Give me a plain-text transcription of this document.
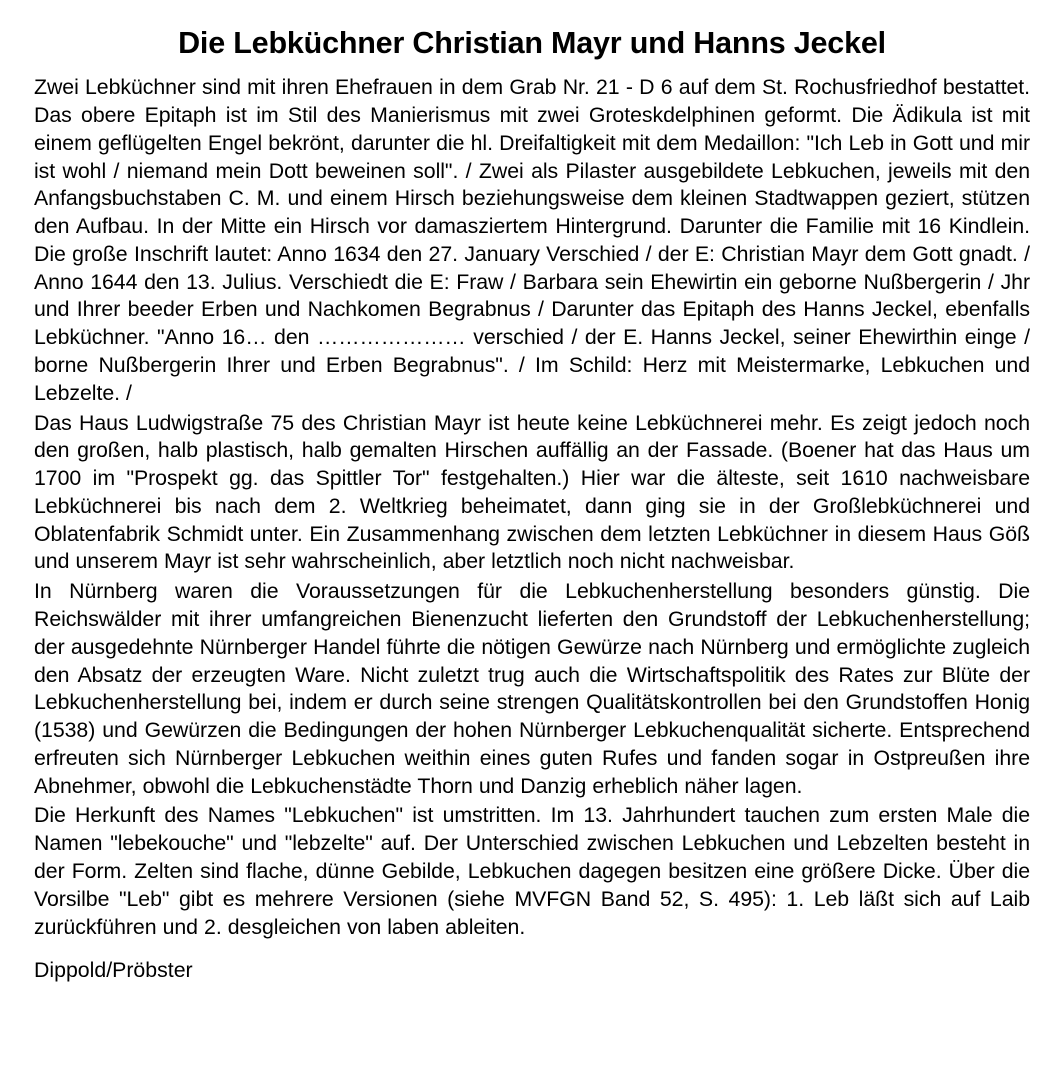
Die Lebküchner Christian Mayr und Hanns Jeckel

Zwei Lebküchner sind mit ihren Ehefrauen in dem Grab Nr. 21 - D 6 auf dem St. Rochusfriedhof bestattet. Das obere Epitaph ist im Stil des Manierismus mit zwei Groteskdelphinen geformt. Die Ädikula ist mit einem geflügelten Engel bekrönt, darunter die hl. Dreifaltigkeit mit dem Medaillon: "Ich Leb in Gott und mir ist wohl / niemand mein Dott beweinen soll". / Zwei als Pilaster ausgebildete Lebkuchen, jeweils mit den Anfangsbuchstaben C. M. und einem Hirsch beziehungsweise dem kleinen Stadtwappen geziert, stützen den Aufbau. In der Mitte ein Hirsch vor damasziertem Hintergrund. Darunter die Familie mit 16 Kindlein. Die große Inschrift lautet: Anno 1634 den 27. January Verschied / der E: Christian Mayr dem Gott gnadt. / Anno 1644 den 13. Julius. Verschiedt die E: Fraw / Barbara sein Ehewirtin ein geborne Nußbergerin / Jhr und Ihrer beeder Erben und Nachkomen Begrabnus / Darunter das Epitaph des Hanns Jeckel, ebenfalls Lebküchner. "Anno 16… den ………………… verschied / der E. Hanns Jeckel, seiner Ehewirthin einge / borne Nußbergerin Ihrer und Erben Begrabnus". / Im Schild: Herz mit Meistermarke, Lebkuchen und Lebzelte. /

Das Haus Ludwigstraße 75 des Christian Mayr ist heute keine Lebküchnerei mehr. Es zeigt jedoch noch den großen, halb plastisch, halb gemalten Hirschen auffällig an der Fassade. (Boener hat das Haus um 1700 im "Prospekt gg. das Spittler Tor" festgehalten.) Hier war die älteste, seit 1610 nachweisbare Lebküchnerei bis nach dem 2. Weltkrieg beheimatet, dann ging sie in der Großlebküchnerei und Oblatenfabrik Schmidt unter. Ein Zusammenhang zwischen dem letzten Lebküchner in diesem Haus Göß und unserem Mayr ist sehr wahrscheinlich, aber letztlich noch nicht nachweisbar.

In Nürnberg waren die Voraussetzungen für die Lebkuchenherstellung besonders günstig. Die Reichswälder mit ihrer umfangreichen Bienenzucht lieferten den Grundstoff der Lebkuchenherstellung; der ausgedehnte Nürnberger Handel führte die nötigen Gewürze nach Nürnberg und ermöglichte zugleich den Absatz der erzeugten Ware. Nicht zuletzt trug auch die Wirtschaftspolitik des Rates zur Blüte der Lebkuchenherstellung bei, indem er durch seine strengen Qualitätskontrollen bei den Grundstoffen Honig (1538) und Gewürzen die Bedingungen der hohen Nürnberger Lebkuchenqualität sicherte. Entsprechend erfreuten sich Nürnberger Lebkuchen weithin eines guten Rufes und fanden sogar in Ostpreußen ihre Abnehmer, obwohl die Lebkuchenstädte Thorn und Danzig erheblich näher lagen.

Die Herkunft des Names "Lebkuchen" ist umstritten. Im 13. Jahrhundert tauchen zum ersten Male die Namen "lebekouche" und "lebzelte" auf. Der Unterschied zwischen Lebkuchen und Lebzelten besteht in der Form. Zelten sind flache, dünne Gebilde, Lebkuchen dagegen besitzen eine größere Dicke. Über die Vorsilbe "Leb" gibt es mehrere Versionen (siehe MVFGN Band 52, S. 495): 1. Leb läßt sich auf Laib zurückführen und 2. desgleichen von laben ableiten.

Dippold/Pröbster
